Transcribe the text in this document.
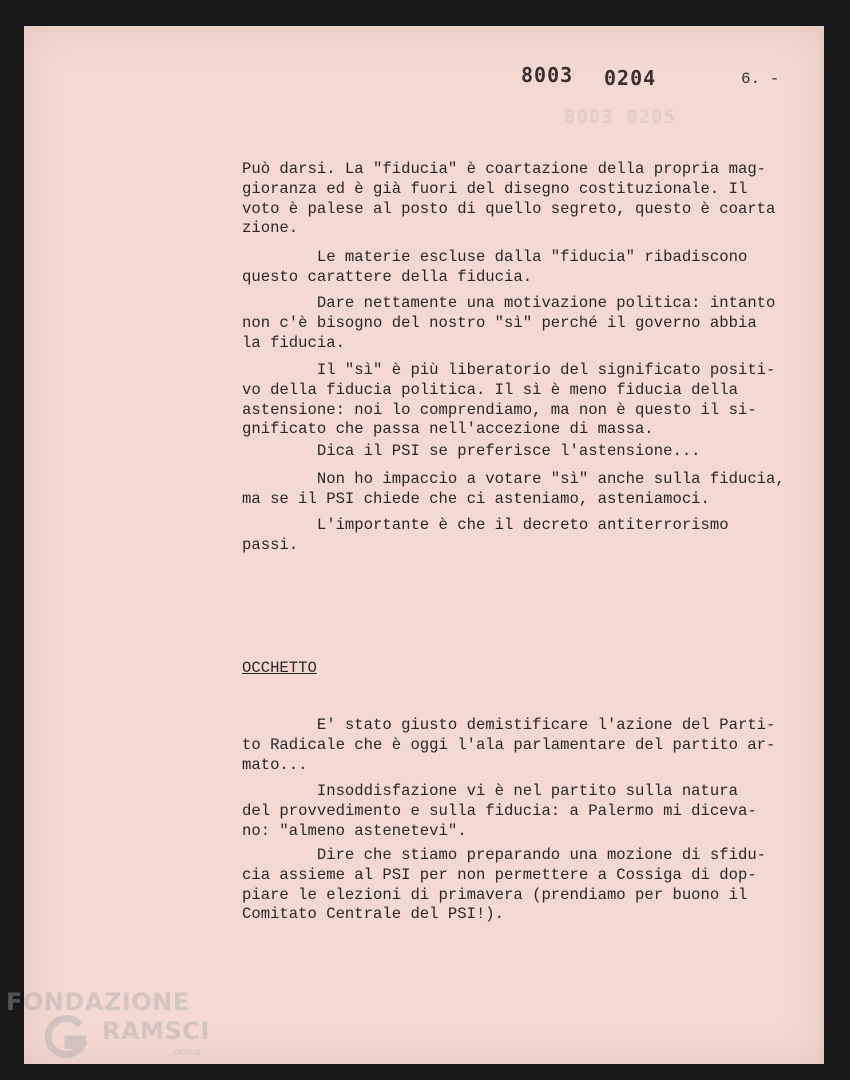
8003 0204	6. -
8003 0205
Può darsi. La "fiducia" è coartazione della propria mag-
gioranza ed è già fuori del disegno costituzionale. Il
voto è palese al posto di quello segreto, questo è coarta
zione.
Le materie escluse dalla "fiducia" ribadiscono
questo carattere della fiducia.
Dare nettamente una motivazione politica: intanto
non c'è bisogno del nostro "sì" perché il governo abbia
la fiducia.
Il "sì" è più liberatorio del significato positi-
vo della fiducia politica. Il sì è meno fiducia della
astensione: noi lo comprendiamo, ma non è questo il si-
gnificato che passa nell'accezione di massa.
Dica il PSI se preferisce l'astensione...
Non ho impaccio a votare "sì" anche sulla fiducia,
ma se il PSI chiede che ci asteniamo, asteniamoci.
L'importante è che il decreto antiterrorismo
passi.
OCCHETTO
E' stato giusto demistificare l'azione del Parti-
to Radicale che è oggi l'ala parlamentare del partito ar-
mato...
Insoddisfazione vi è nel partito sulla natura
del provvedimento e sulla fiducia: a Palermo mi diceva-
no: "almeno astenetevi".
Dire che stiamo preparando una mozione di sfidu-
cia assieme al PSI per non permettere a Cossiga di dop-
piare le elezioni di primavera (prendiamo per buono il
Comitato Centrale del PSI!).
FONDAZIONE
RAMSCI
onlus
